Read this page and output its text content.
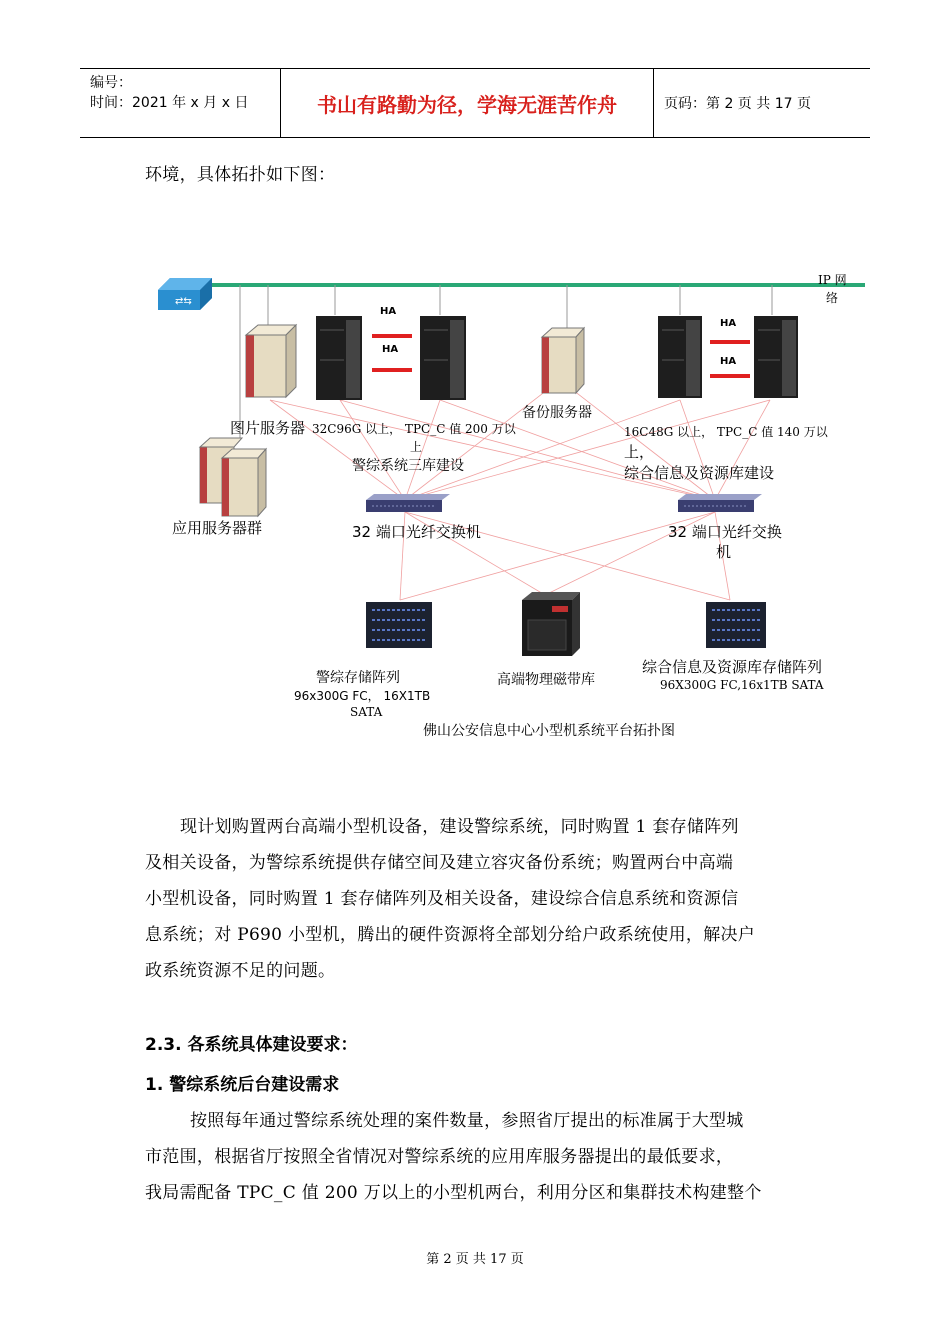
编号：
时间：2021 年 x 月 x 日	书山有路勤为径，学海无涯苦作舟	页码：第 2 页 共 17 页
环境，具体拓扑如下图：
⇄⇆
IP 网
络
HA
HA
HA
HA
图片服务器 32C96G 以上， TPC_C 值 200 万以
上
警综系统三库建设
备份服务器
16C48G 以上， TPC_C 值 140 万以
上，
综合信息及资源库建设
应用服务器群	32 端口光纤交换机	32 端口光纤交换
机
警综存储阵列
96x300G FC， 16X1TB
SATA
高端物理磁带库
综合信息及资源库存储阵列
96X300G FC,16x1TB SATA
佛山公安信息中心小型机系统平台拓扑图
现计划购置两台高端小型机设备，建设警综系统，同时购置 1 套存储阵列
及相关设备，为警综系统提供存储空间及建立容灾备份系统；购置两台中高端
小型机设备，同时购置 1 套存储阵列及相关设备，建设综合信息系统和资源信
息系统；对 P690 小型机，腾出的硬件资源将全部划分给户政系统使用，解决户
政系统资源不足的问题。
2.3. 各系统具体建设要求：
1. 警综系统后台建设需求
按照每年通过警综系统处理的案件数量，参照省厅提出的标准属于大型城
市范围，根据省厅按照全省情况对警综系统的应用库服务器提出的最低要求，
我局需配备 TPC_C 值 200 万以上的小型机两台，利用分区和集群技术构建整个
第 2 页 共 17 页
